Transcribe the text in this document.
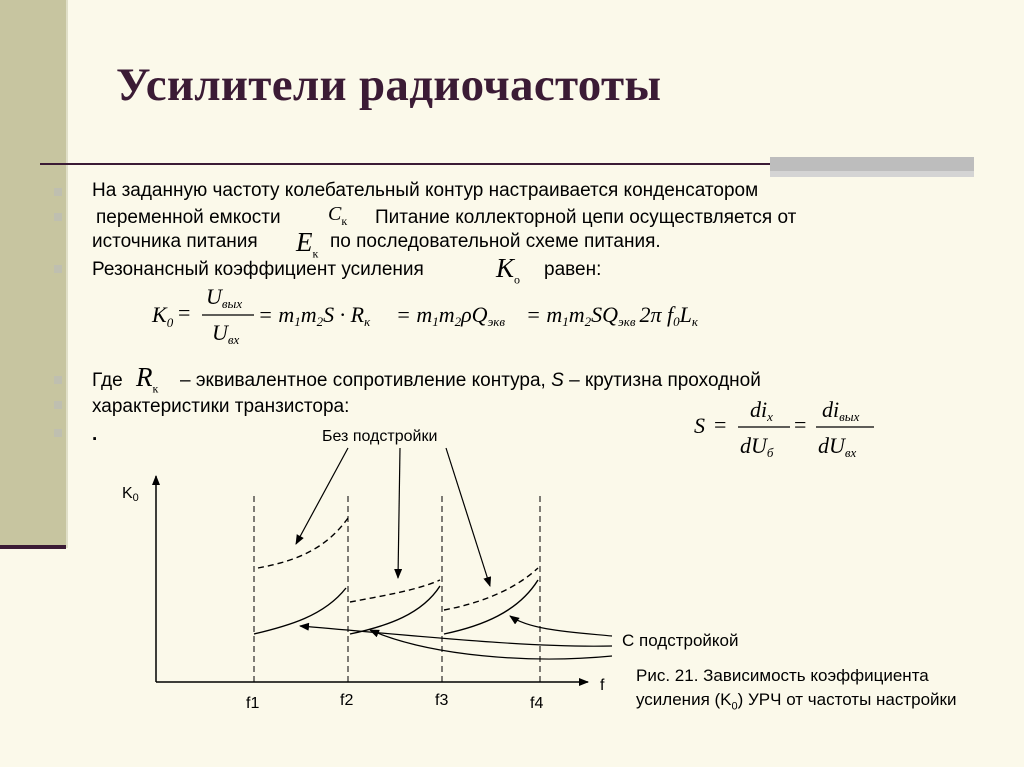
Усилители радиочастоты
На заданную частоту колебательный контур настраивается конденсатором
переменной емкости $C_к$ Питание коллекторной цепи осуществляется от
источника питания $E_к$
по последовательной схеме питания.
Резонансный коэффициент усиления	$K_o$ равен:
$K_0$ =
Uвых
Uвх
= m1m2S · Rк = m1m2ρQэкв = m1m2SQэкв 2π f0Lк
Где $R_к$ – эквивалентное сопротивление контура, S – крутизна проходной
характеристики транзистора:
.	S =
dix
dUб
=
diвых
dUвх
K0
f
f1	f2	f3	f4
Без подстройки
С подстройкой
Рис. 21. Зависимость коэффициента
усиления $(K_0)$ УРЧ от частоты настройки
